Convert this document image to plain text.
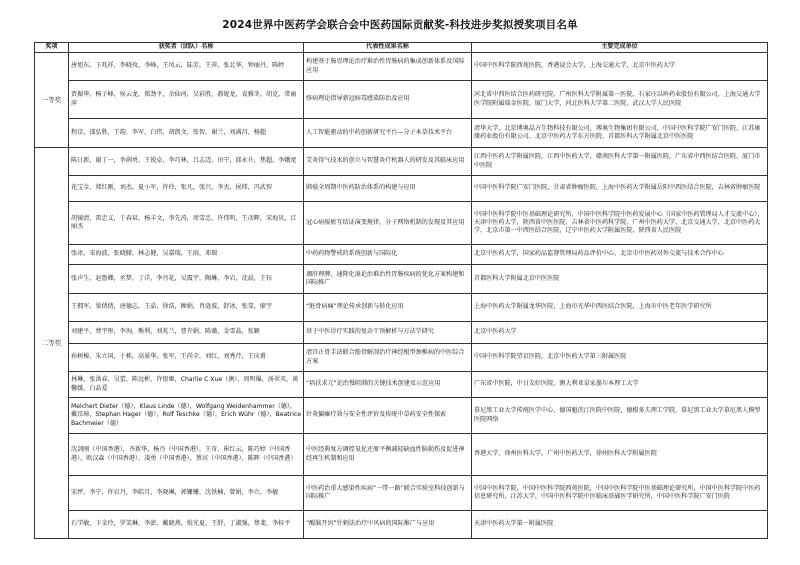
2024世界中医药学会联合会中医药国际贡献奖-科技进步奖拟授奖项目名单
奖项	获奖者（团队）名称	代表性成果名称	主要完成单位
一等奖	唐旭东，卞兆祥，李晓玫，李峰，王凤云，陆芳，王萍，张北华，钟丽丹，陈婷	构建基于肠胃理论治疗难治性胃肠病的集成创新体系及国际应用	中国中医科学院西苑医院，香港浸会大学，上海交通大学，北京中医药大学
	贾振华，杨子峰，侯云龙，郑劲平，余仙河，吴彩胜，郝妮龙，袁雅冬，胡克，常丽萍	络病理论指导新冠病毒感染防治及应用	河北省中西医结合医药研究院，广州医科大学附属第一医院，石家庄以岭药业股份有限公司，上海交通大学医学院附属瑞金医院，厦门大学，河北医科大学第二医院，武汉大学人民医院
	程京，邵弘胜，王韵，李军，白伟，胡凯文，张智，谢兰，刘满昌，杨超	人工智能驱动的中药创新研究平台—分子本草技术平台	清华大学，北京博奥晶方生物科技有限公司，博奥生物集团有限公司，中国中医科学院广安门医院，江苏康缘药业股份有限公司，北京中医药大学东方医院，首都医科大学附属北京中医医院
二等奖	陈日新，谢丁一，李润勇，王锐卓，李巧林，吕志迈，田宁，邱永升，焦超，李娥宽	艾灸得气技术的创立与智慧灸疗机器人的研发及其临床应用	江西中医药大学附属医院，江西中医药大学，赣南医科大学第一附属医院，广东省中西医结合医院，厦门市中医院
	花宝金，郑红刚，刘杰，夏小军，许玲，张凡，张兴，李杰，侯炜，冯武智	肺癌全周期中医药防治体系的构建与应用	中国中医科学院广安门医院，甘肃省肿瘤医院，上海中医药大学附属岳阳中西医结合医院，吉林省肿瘤医院
	胡镜清，雷忠义，于春泉，杨丰文，李先涛，周雪忠，许伟明，王彦晖，宋海贝，江丽杰	冠心病痰瘀互结证演变规律，分子网络机制的发现及其应用	中国中医科学院中医基础理论研究所，中国中医科学院中医药发展中心（国家中医药管理局人才交流中心），天津中医药大学，陕西省中医医院，吉林省中医药科学院，广州中医药大学，北京交通大学，北京中医药大学，北京市第一中西医结合医院，辽宁中医药大学附属医院，陕西省人民医院
	张冰，宋海波，张晓朦，林志健，吴嘉瑞，王雨，邓瑞	中药药物警戒的系统创新与国际化	北京中医药大学，国家药品监督管理局药品评价中心，北京市中医药对外交流与技术合作中心
	张声生，赵鲁卿，丞梦，丁洋，李丹花，吴震宇，陶琳，李岩，沈晨，王钰	调肝理脾、通降化湿论治难治性胃肠疾病的优化方案构建和国际推广	首都医科大学附属北京中医医院
	王拥军，梁倩倩，唐德志，王晶，徐浩，顾娟，肖涟波，舒冰，张显，廖宇	“脏骨病痛”理论传承创新与转化应用	上海中医药大学附属龙华医院，上海市光华中西医结合医院，上海市中医老年医学研究所
	刘建平，费宇彤，李洵，熊利，刘兆兰，曹卉娟，陈薇，金雪晶，张颖	基于中医诊疗实践的复杂干预解析与方法学研究	北京中医药大学
	孙树椿，朱立国，于栋，高景华，张军，王尚全，刘红，刘秀芹，王庆甫	清宫正骨手法联合筋骨解剖治疗神经根型颈椎病的中医综合方案	中国中医科学院望京医院，北京中医药大学第三附属医院
	林琳，张洪春，吴蕾，陈远彬，许银姬，Charlie C Xue（澳），周明爆，汤翠英，谈馨媛，白晶爱	“培扶求元”论治慢阻肺的关键技术创建及示范应用	广东省中医院，中日友好医院，澳大利亚皇家墨尔本理工大学
	Melchert Dieter（德），Klaus Linde（德），Wolfgang Weidenhammer（德），戴京璋，Stephan Hager（德），Rolf Teschke（德），Erich Wühr（德），Beatrice Bachmeier（德）	针灸偏瘫疗效与安全性评价及传统中草药安全性探索	慕尼黑工业大学传统医学中心，德国魁茨汀医院中医院，德根多夫理工学院，慕尼黑工业大学慕尼黑人模型医院网络
	沈剑刚（中国香港），齐新华，杨丹（中国香港），王奇，崔红云，陈巧婷（中国香港），欧汉森（中国香港），凌勇（中国香港），蔡宾（中国香港），陈晖（中国香港）	中医经典复方调控氧化还原平衡减轻缺血性脑损伤及促进神经再生机制和应用	香港大学，徐州医科大学，广州中医药大学，徐州医科大学附属医院
	宋坪，李宁，许岩丹，李皓月，李晓琳，郭姗姗，沈铁楠，曾娟，李立，李敏	中医药治重大感染性疾病“一带一路”联合实验室科技创新与国际推广	中国中医科学院，中国中医科学院西苑医院，中国中医科学院中医基础理论研究所，中国中医科学院中医药信息研究所，江苏大学，中国中医科学院中医临床基础医学研究所，中国中医科学院广安门医院
	石学敏，卞金玲，罗笑琳，李澎，戴晓燕，倪光夏，王舒，丁淑强，蔡斐，李桂平	“醒脑开窍”针刺法治疗中风病的国际推广与应用	天津中医药大学第一附属医院
